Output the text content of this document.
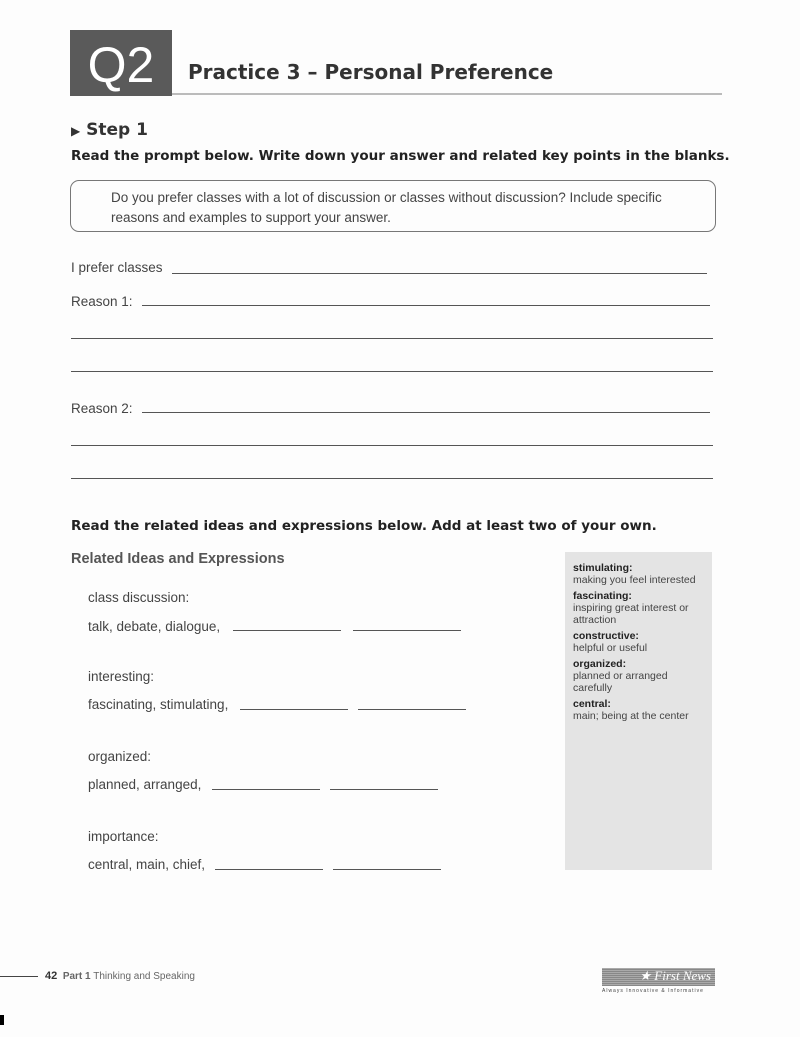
Q2	Practice 3 – Personal Preference
▶ Step 1
Read the prompt below. Write down your answer and related key points in the blanks.
Do you prefer classes with a lot of discussion or classes without discussion? Include specific reasons and examples to support your answer.
I prefer classes
Reason 1:
Reason 2:
Read the related ideas and expressions below. Add at least two of your own.
Related Ideas and Expressions
class discussion:
talk, debate, dialogue,
interesting:
fascinating, stimulating,
organized:
planned, arranged,
importance:
central, main, chief,
stimulating:
making you feel interested
fascinating:
inspiring great interest or attraction
constructive:
helpful or useful
organized:
planned or arranged carefully
central:
main; being at the center
42 Part 1 Thinking and Speaking	★ First News
Always Innovative & Informative
